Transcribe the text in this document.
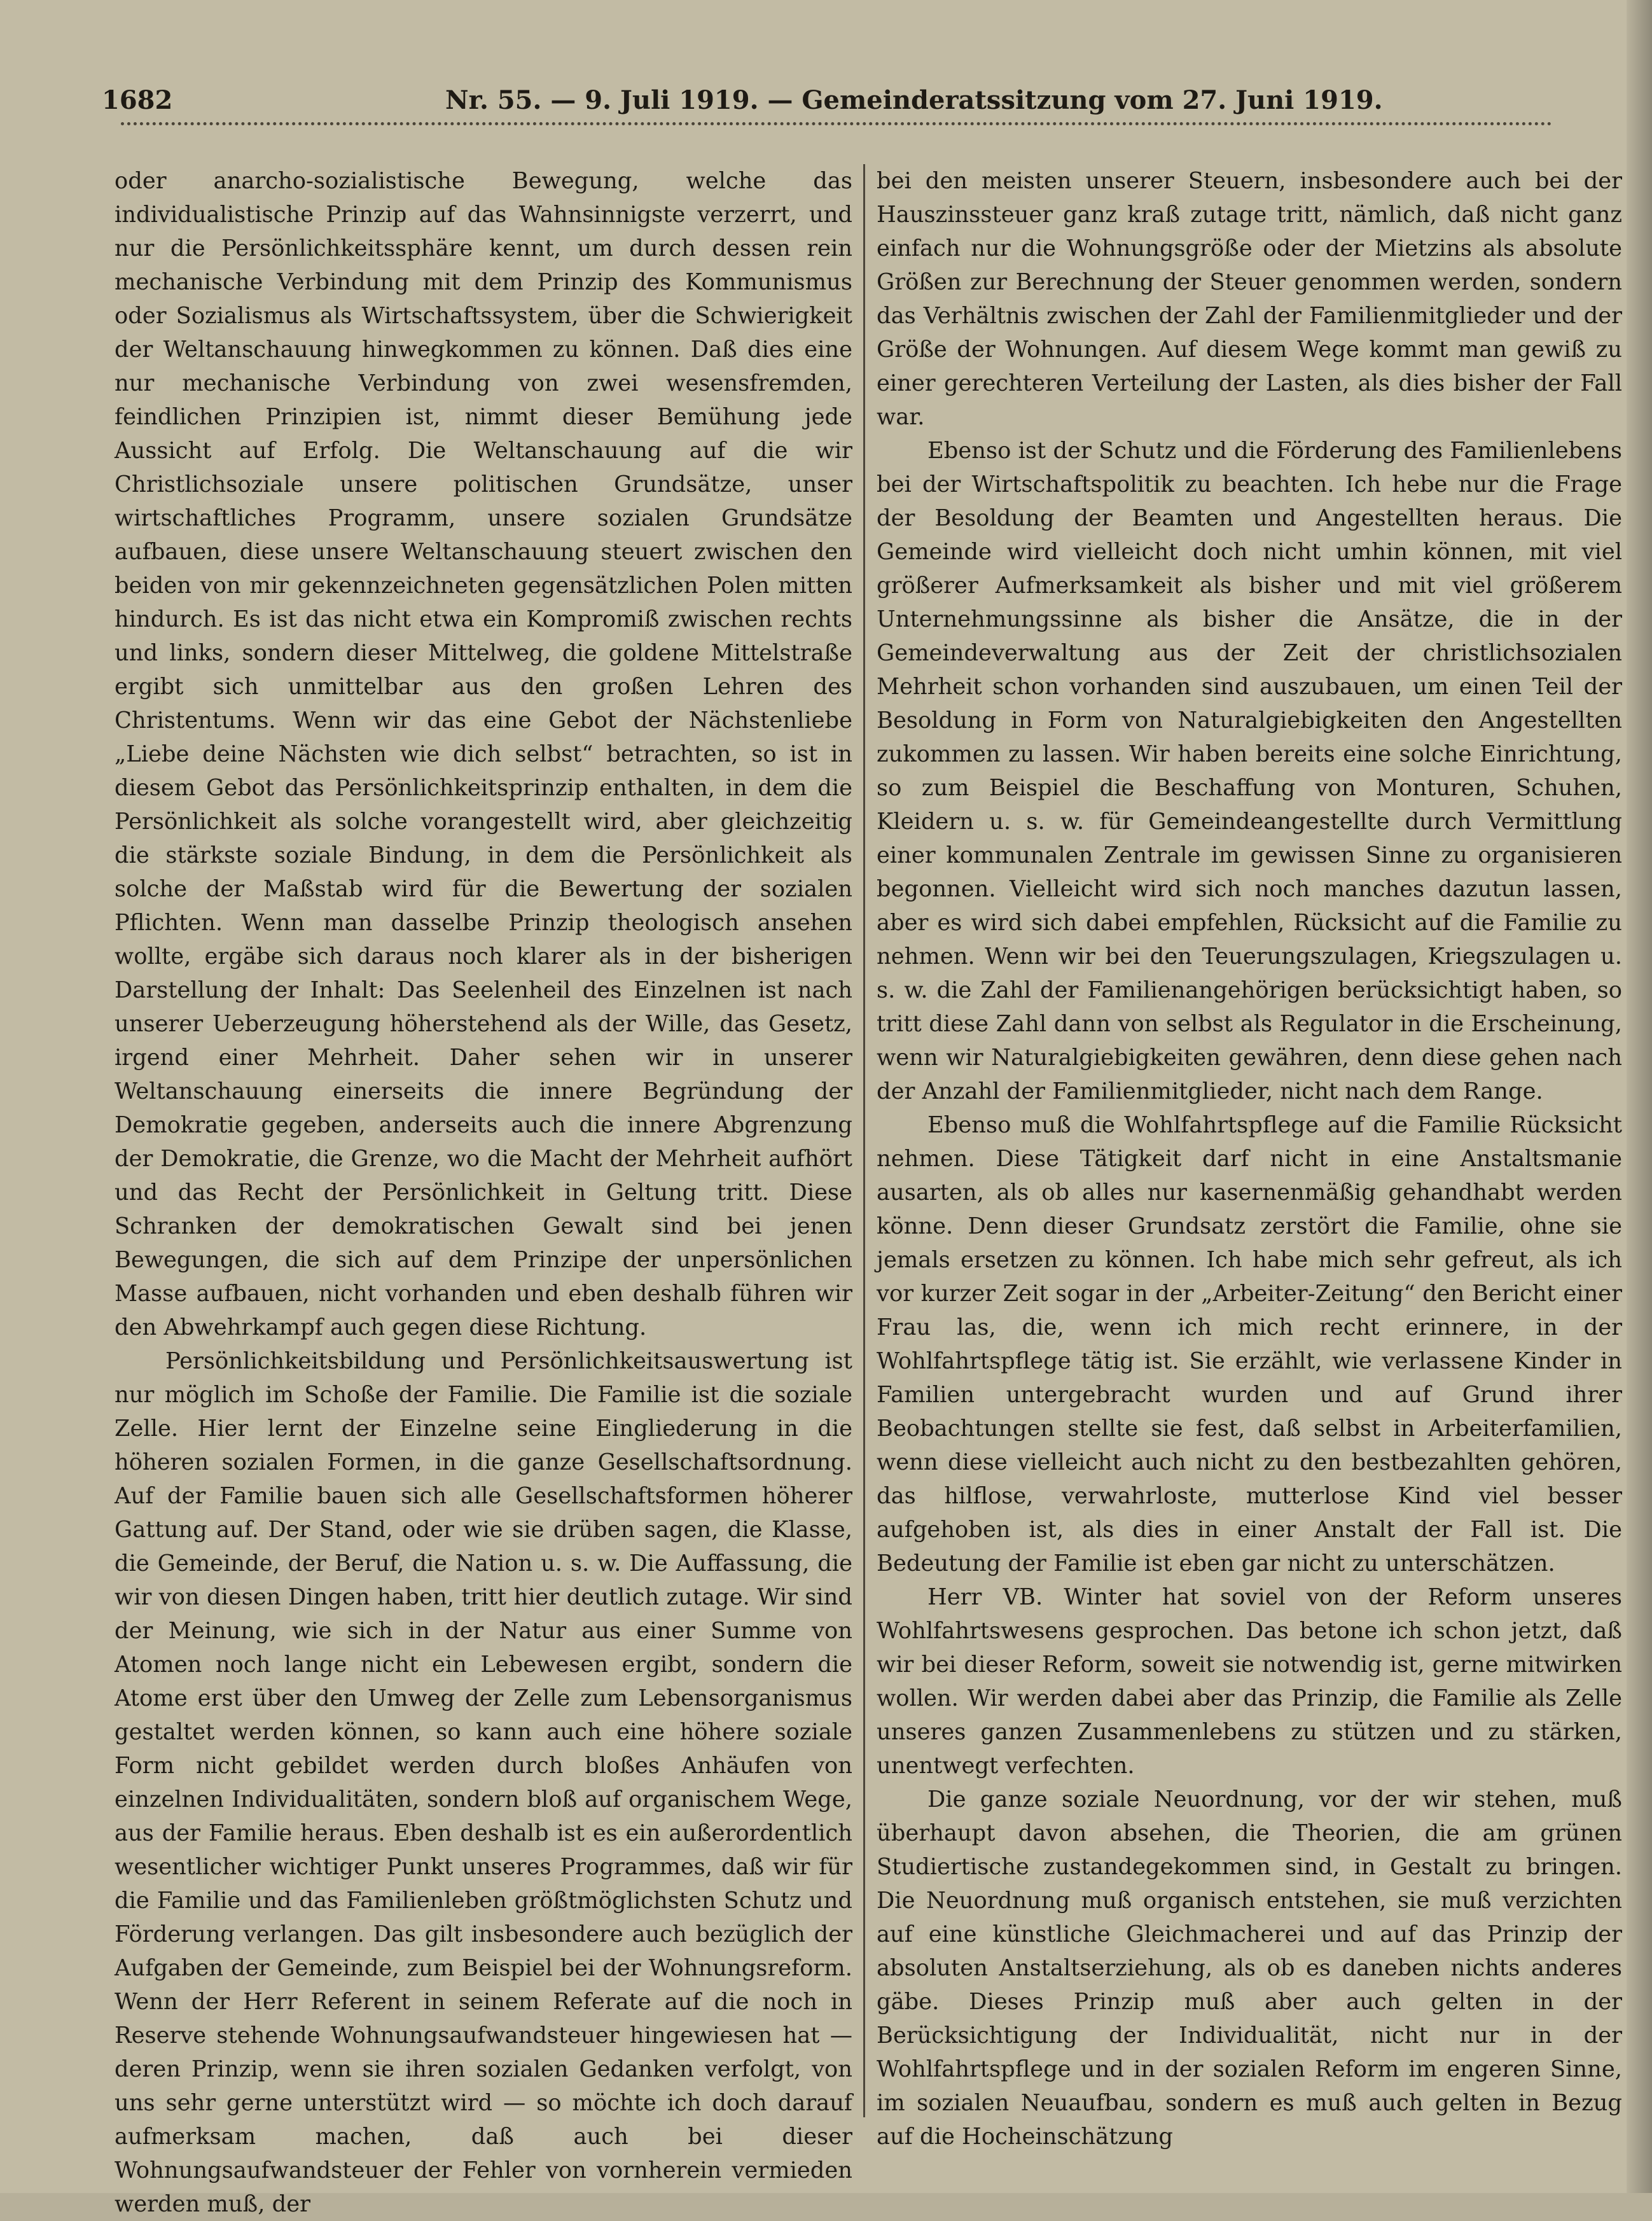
1682	Nr. 55. — 9. Juli 1919. — Gemeinderatssitzung vom 27. Juni 1919.

oder anarcho-sozialistische Bewegung, welche das individualistische Prinzip auf das Wahnsinnigste verzerrt, und nur die Persönlichkeitssphäre kennt, um durch dessen rein mechanische Verbindung mit dem Prinzip des Kommunismus oder Sozialismus als Wirtschaftssystem, über die Schwierigkeit der Weltanschauung hinwegkommen zu können. Daß dies eine nur mechanische Verbindung von zwei wesensfremden, feindlichen Prinzipien ist, nimmt dieser Bemühung jede Aussicht auf Erfolg. Die Weltanschauung auf die wir Christlichsoziale unsere politischen Grundsätze, unser wirtschaftliches Programm, unsere sozialen Grundsätze aufbauen, diese unsere Weltanschauung steuert zwischen den beiden von mir gekennzeichneten gegensätzlichen Polen mitten hindurch. Es ist das nicht etwa ein Kompromiß zwischen rechts und links, sondern dieser Mittelweg, die goldene Mittelstraße ergibt sich unmittelbar aus den großen Lehren des Christentums. Wenn wir das eine Gebot der Nächstenliebe „Liebe deine Nächsten wie dich selbst“ betrachten, so ist in diesem Gebot das Persönlichkeitsprinzip enthalten, in dem die Persönlichkeit als solche vorangestellt wird, aber gleichzeitig die stärkste soziale Bindung, in dem die Persönlichkeit als solche der Maßstab wird für die Bewertung der sozialen Pflichten. Wenn man dasselbe Prinzip theologisch ansehen wollte, ergäbe sich daraus noch klarer als in der bisherigen Darstellung der Inhalt: Das Seelenheil des Einzelnen ist nach unserer Ueberzeugung höherstehend als der Wille, das Gesetz, irgend einer Mehrheit. Daher sehen wir in unserer Weltanschauung einerseits die innere Begründung der Demokratie gegeben, anderseits auch die innere Abgrenzung der Demokratie, die Grenze, wo die Macht der Mehrheit aufhört und das Recht der Persönlichkeit in Geltung tritt. Diese Schranken der demokratischen Gewalt sind bei jenen Bewegungen, die sich auf dem Prinzipe der unpersönlichen Masse aufbauen, nicht vorhanden und eben deshalb führen wir den Abwehrkampf auch gegen diese Richtung.

Persönlichkeitsbildung und Persönlichkeitsauswertung ist nur möglich im Schoße der Familie. Die Familie ist die soziale Zelle. Hier lernt der Einzelne seine Eingliederung in die höheren sozialen Formen, in die ganze Gesellschaftsordnung. Auf der Familie bauen sich alle Gesellschaftsformen höherer Gattung auf. Der Stand, oder wie sie drüben sagen, die Klasse, die Gemeinde, der Beruf, die Nation u. s. w. Die Auffassung, die wir von diesen Dingen haben, tritt hier deutlich zutage. Wir sind der Meinung, wie sich in der Natur aus einer Summe von Atomen noch lange nicht ein Lebewesen ergibt, sondern die Atome erst über den Umweg der Zelle zum Lebensorganismus gestaltet werden können, so kann auch eine höhere soziale Form nicht gebildet werden durch bloßes Anhäufen von einzelnen Individualitäten, sondern bloß auf organischem Wege, aus der Familie heraus. Eben deshalb ist es ein außerordentlich wesentlicher wichtiger Punkt unseres Programmes, daß wir für die Familie und das Familienleben größtmöglichsten Schutz und Förderung verlangen. Das gilt insbesondere auch bezüglich der Aufgaben der Gemeinde, zum Beispiel bei der Wohnungsreform. Wenn der Herr Referent in seinem Referate auf die noch in Reserve stehende Wohnungsaufwandsteuer hingewiesen hat — deren Prinzip, wenn sie ihren sozialen Gedanken verfolgt, von uns sehr gerne unterstützt wird — so möchte ich doch darauf aufmerksam machen, daß auch bei dieser Wohnungsaufwandsteuer der Fehler von vornherein vermieden werden muß, der

bei den meisten unserer Steuern, insbesondere auch bei der Hauszinssteuer ganz kraß zutage tritt, nämlich, daß nicht ganz einfach nur die Wohnungsgröße oder der Mietzins als absolute Größen zur Berechnung der Steuer genommen werden, sondern das Verhältnis zwischen der Zahl der Familienmitglieder und der Größe der Wohnungen. Auf diesem Wege kommt man gewiß zu einer gerechteren Verteilung der Lasten, als dies bisher der Fall war.

Ebenso ist der Schutz und die Förderung des Familienlebens bei der Wirtschaftspolitik zu beachten. Ich hebe nur die Frage der Besoldung der Beamten und Angestellten heraus. Die Gemeinde wird vielleicht doch nicht umhin können, mit viel größerer Aufmerksamkeit als bisher und mit viel größerem Unternehmungssinne als bisher die Ansätze, die in der Gemeindeverwaltung aus der Zeit der christlichsozialen Mehrheit schon vorhanden sind auszubauen, um einen Teil der Besoldung in Form von Naturalgiebigkeiten den Angestellten zukommen zu lassen. Wir haben bereits eine solche Einrichtung, so zum Beispiel die Beschaffung von Monturen, Schuhen, Kleidern u. s. w. für Gemeindeangestellte durch Vermittlung einer kommunalen Zentrale im gewissen Sinne zu organisieren begonnen. Vielleicht wird sich noch manches dazutun lassen, aber es wird sich dabei empfehlen, Rücksicht auf die Familie zu nehmen. Wenn wir bei den Teuerungszulagen, Kriegszulagen u. s. w. die Zahl der Familienangehörigen berücksichtigt haben, so tritt diese Zahl dann von selbst als Regulator in die Erscheinung, wenn wir Naturalgiebigkeiten gewähren, denn diese gehen nach der Anzahl der Familienmitglieder, nicht nach dem Range.

Ebenso muß die Wohlfahrtspflege auf die Familie Rücksicht nehmen. Diese Tätigkeit darf nicht in eine Anstaltsmanie ausarten, als ob alles nur kasernenmäßig gehandhabt werden könne. Denn dieser Grundsatz zerstört die Familie, ohne sie jemals ersetzen zu können. Ich habe mich sehr gefreut, als ich vor kurzer Zeit sogar in der „Arbeiter-Zeitung“ den Bericht einer Frau las, die, wenn ich mich recht erinnere, in der Wohlfahrtspflege tätig ist. Sie erzählt, wie verlassene Kinder in Familien untergebracht wurden und auf Grund ihrer Beobachtungen stellte sie fest, daß selbst in Arbeiterfamilien, wenn diese vielleicht auch nicht zu den bestbezahlten gehören, das hilflose, verwahrloste, mutterlose Kind viel besser aufgehoben ist, als dies in einer Anstalt der Fall ist. Die Bedeutung der Familie ist eben gar nicht zu unterschätzen.

Herr VB. Winter hat soviel von der Reform unseres Wohlfahrtswesens gesprochen. Das betone ich schon jetzt, daß wir bei dieser Reform, soweit sie notwendig ist, gerne mitwirken wollen. Wir werden dabei aber das Prinzip, die Familie als Zelle unseres ganzen Zusammenlebens zu stützen und zu stärken, unentwegt verfechten.

Die ganze soziale Neuordnung, vor der wir stehen, muß überhaupt davon absehen, die Theorien, die am grünen Studiertische zustandegekommen sind, in Gestalt zu bringen. Die Neuordnung muß organisch entstehen, sie muß verzichten auf eine künstliche Gleichmacherei und auf das Prinzip der absoluten Anstaltserziehung, als ob es daneben nichts anderes gäbe. Dieses Prinzip muß aber auch gelten in der Berücksichtigung der Individualität, nicht nur in der Wohlfahrtspflege und in der sozialen Reform im engeren Sinne, im sozialen Neuaufbau, sondern es muß auch gelten in Bezug auf die Hocheinschätzung
